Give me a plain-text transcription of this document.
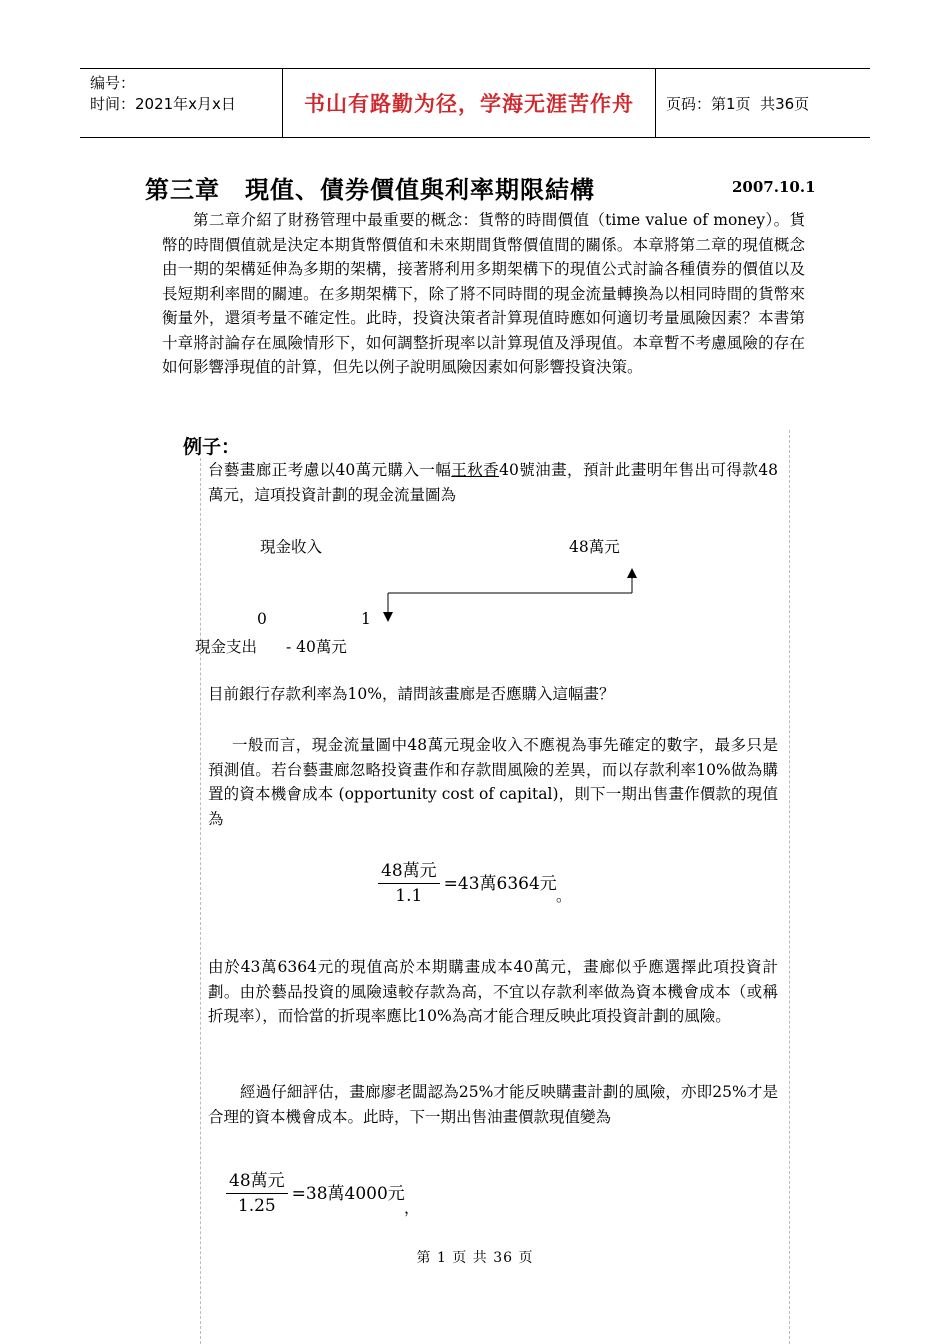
编号：
时间：2021年x月x日	书山有路勤为径，学海无涯苦作舟	页码：第1页  共36页
第三章　現值、債券價值與利率期限結構	2007.10.1
第二章介紹了財務管理中最重要的概念：貨幣的時間價值（time value of money）。貨幣的時間價值就是決定本期貨幣價值和未來期間貨幣價值間的關係。本章將第二章的現值概念由一期的架構延伸為多期的架構，接著將利用多期架構下的現值公式討論各種債券的價值以及長短期利率間的關連。在多期架構下，除了將不同時間的現金流量轉換為以相同時間的貨幣來衡量外，還須考量不確定性。此時，投資決策者計算現值時應如何適切考量風險因素？本書第十章將討論存在風險情形下，如何調整折現率以計算現值及淨現值。本章暫不考慮風險的存在如何影響淨現值的計算，但先以例子說明風險因素如何影響投資決策。
例子：
台藝畫廊正考慮以40萬元購入一幅王秋香40號油畫，預計此畫明年售出可得款48萬元，這項投資計劃的現金流量圖為
現金收入	48萬元
0	1
現金支出 - 40萬元
目前銀行存款利率為10%，請問該畫廊是否應購入這幅畫？
一般而言，現金流量圖中48萬元現金收入不應視為事先確定的數字，最多只是預測值。若台藝畫廊忽略投資畫作和存款間風險的差異，而以存款利率10%做為購置的資本機會成本 (opportunity cost of capital)，則下一期出售畫作價款的現值為
$\frac{\text{48萬元}}{1.1} =43$萬6364元
。
由於43萬6364元的現值高於本期購畫成本40萬元，畫廊似乎應選擇此項投資計劃。由於藝品投資的風險遠較存款為高，不宜以存款利率做為資本機會成本（或稱折現率），而恰當的折現率應比10%為高才能合理反映此項投資計劃的風險。
經過仔細評估，畫廊廖老闆認為25%才能反映購畫計劃的風險，亦即25%才是合理的資本機會成本。此時，下一期出售油畫價款現值變為
$\frac{\text{48萬元}}{1.25} =38$萬4000元
，
第 1 页 共 36 页
